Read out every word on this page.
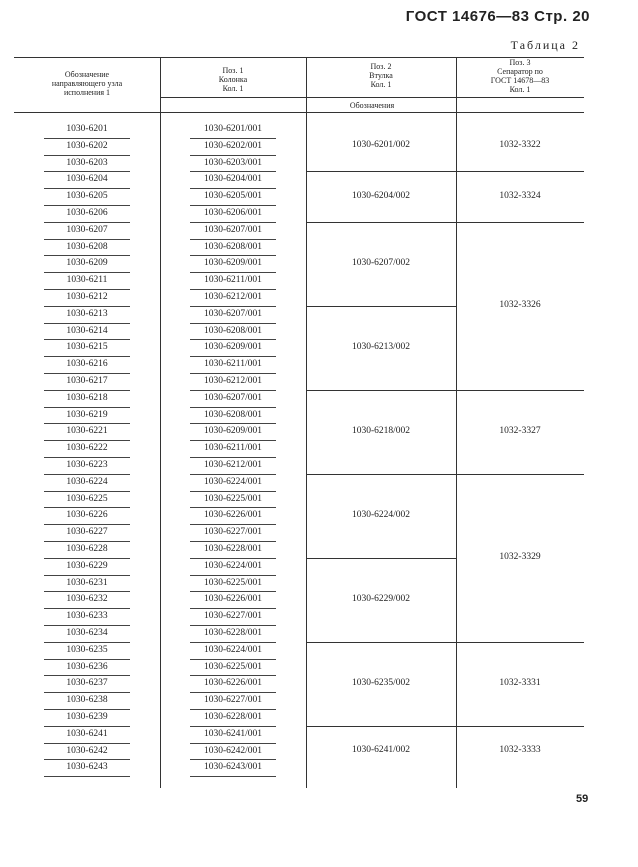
ГОСТ 14676—83 Стр. 20
Таблица 2
Обозначение
направляющего узла
исполнения 1
Поз. 1
Колонка
Кол. 1
Поз. 2
Втулка
Кол. 1
Поз. 3
Сепаратор по
ГОСТ 14678—83
Кол. 1
Обозначения
1030-6201
1030-6202
1030-6203
1030-6204
1030-6205
1030-6206
1030-6207
1030-6208
1030-6209
1030-6211
1030-6212
1030-6213
1030-6214
1030-6215
1030-6216
1030-6217
1030-6218
1030-6219
1030-6221
1030-6222
1030-6223
1030-6224
1030-6225
1030-6226
1030-6227
1030-6228
1030-6229
1030-6231
1030-6232
1030-6233
1030-6234
1030-6235
1030-6236
1030-6237
1030-6238
1030-6239
1030-6241
1030-6242
1030-6243
1030-6201/001
1030-6202/001
1030-6203/001
1030-6204/001
1030-6205/001
1030-6206/001
1030-6207/001
1030-6208/001
1030-6209/001
1030-6211/001
1030-6212/001
1030-6207/001
1030-6208/001
1030-6209/001
1030-6211/001
1030-6212/001
1030-6207/001
1030-6208/001
1030-6209/001
1030-6211/001
1030-6212/001
1030-6224/001
1030-6225/001
1030-6226/001
1030-6227/001
1030-6228/001
1030-6224/001
1030-6225/001
1030-6226/001
1030-6227/001
1030-6228/001
1030-6224/001
1030-6225/001
1030-6226/001
1030-6227/001
1030-6228/001
1030-6241/001
1030-6242/001
1030-6243/001
1030-6201/002
1030-6204/002
1030-6207/002
1030-6213/002
1030-6218/002
1030-6224/002
1030-6229/002
1030-6235/002
1030-6241/002
1032-3322
1032-3324
1032-3326
1032-3327
1032-3329
1032-3331
1032-3333
59
